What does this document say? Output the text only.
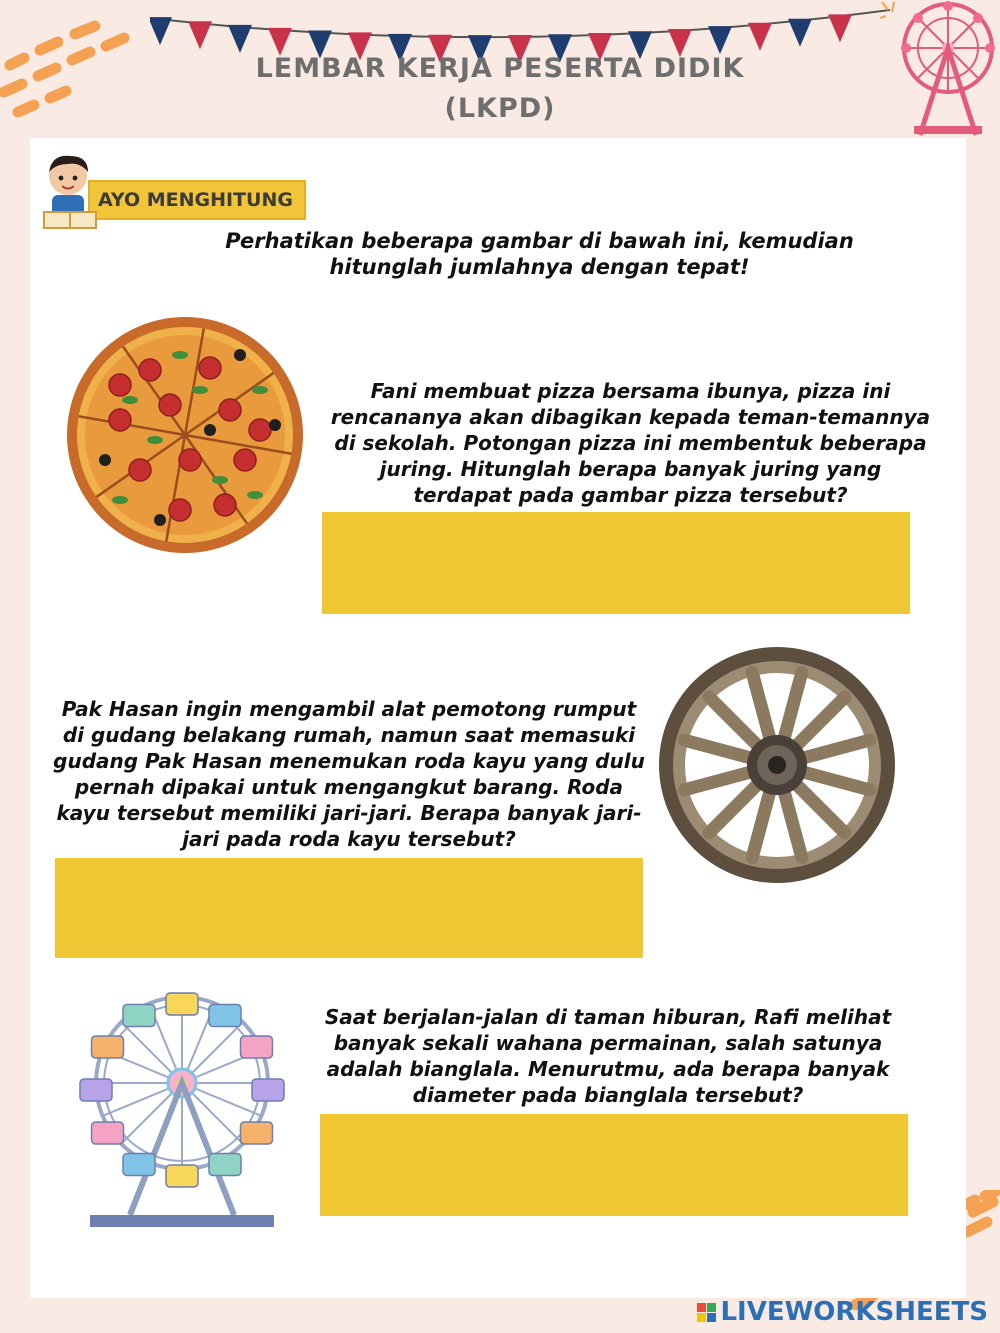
LEMBAR KERJA PESERTA DIDIK
(LKPD)
AYO MENGHITUNG
Perhatikan beberapa gambar di bawah ini, kemudian hitunglah jumlahnya dengan tepat!
Fani membuat pizza bersama ibunya, pizza ini rencananya akan dibagikan kepada teman-temannya di sekolah. Potongan pizza ini membentuk beberapa juring. Hitunglah berapa banyak juring yang terdapat pada gambar pizza tersebut?
Pak Hasan ingin mengambil alat pemotong rumput di gudang belakang rumah, namun saat memasuki gudang Pak Hasan menemukan roda kayu yang dulu pernah dipakai untuk mengangkut barang. Roda kayu tersebut memiliki jari-jari. Berapa banyak jari-jari pada roda kayu tersebut?
Saat berjalan-jalan di taman hiburan, Rafi melihat banyak sekali wahana permainan, salah satunya adalah bianglala. Menurutmu, ada berapa banyak diameter pada bianglala tersebut?
LIVEWORKSHEETS
